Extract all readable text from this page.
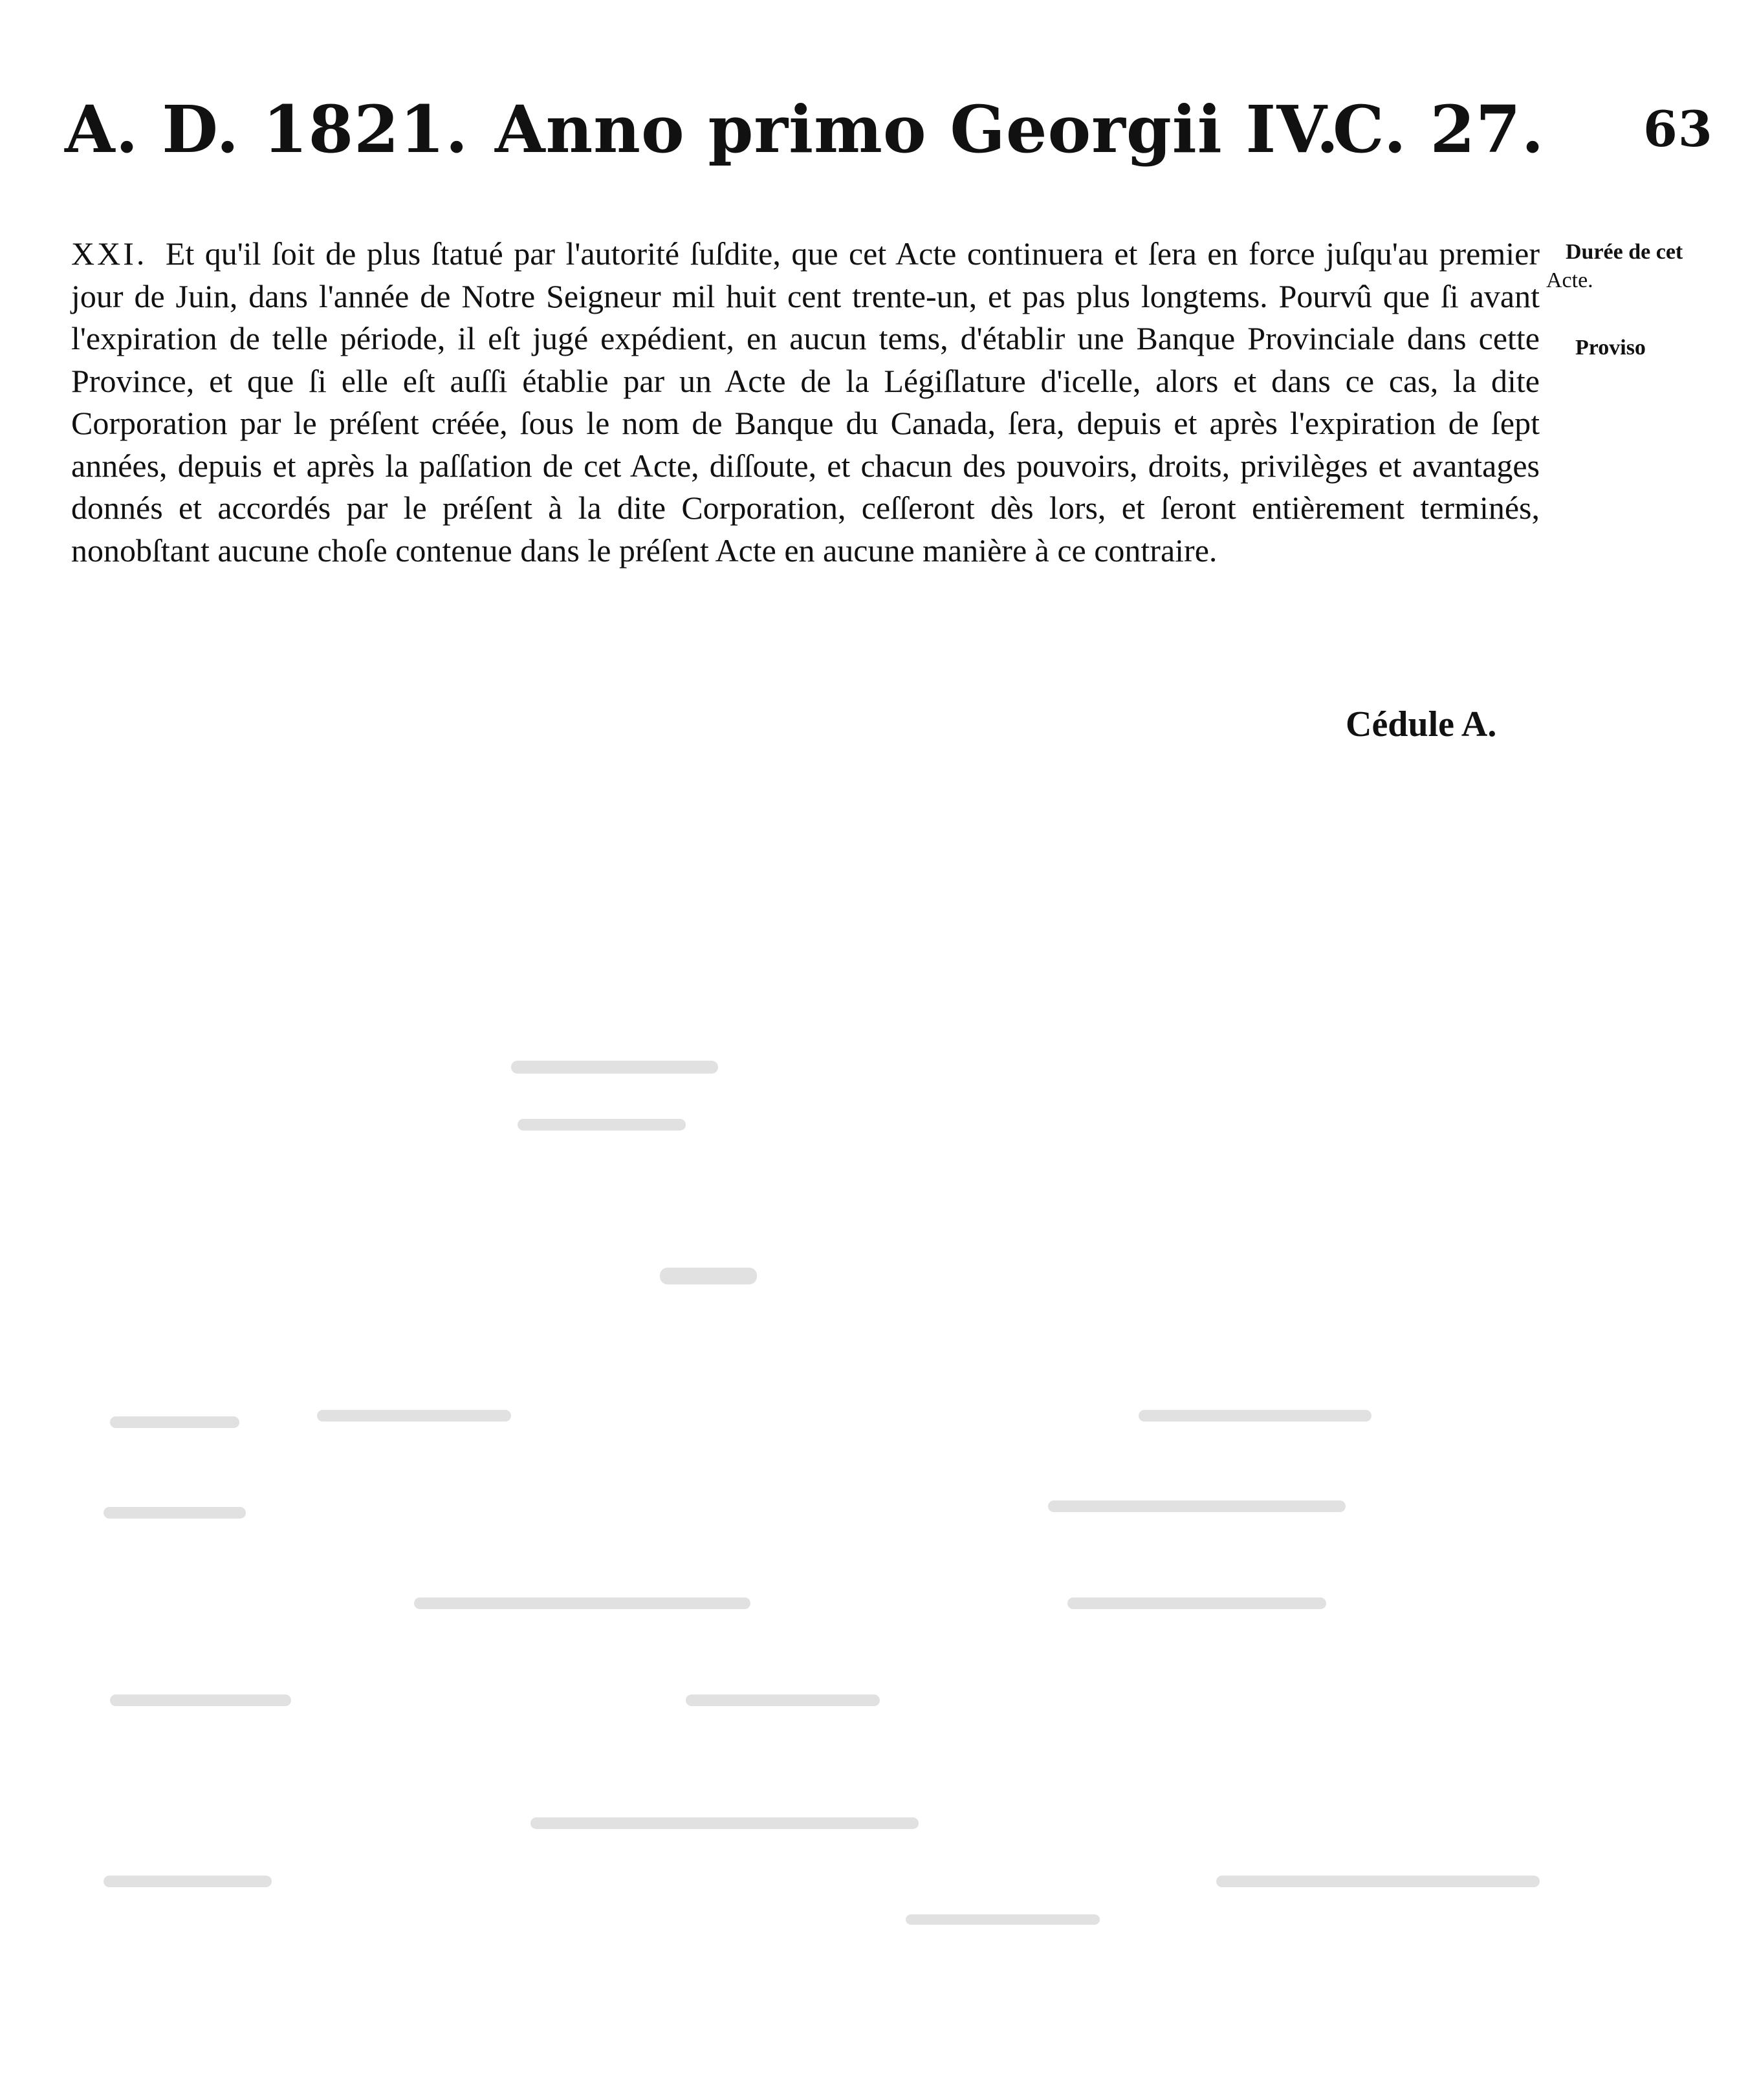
A. D. 1821. Anno primo Georgii IV.
C. 27. 63
XXI. Et qu'il ſoit de plus ſtatué par l'autorité ſuſdite, que cet Acte continuera et ſera en force juſqu'au premier jour de Juin, dans l'année de Notre Seigneur mil huit cent trente-un, et pas plus longtems. Pourvû que ſi avant l'expiration de telle période, il eſt jugé expédient, en aucun tems, d'établir une Banque Provinciale dans cette Province, et que ſi elle eſt auſſi établie par un Acte de la Légiſlature d'icelle, alors et dans ce cas, la dite Corporation par le préſent créée, ſous le nom de Banque du Canada, ſera, depuis et après l'expiration de ſept années, depuis et après la paſſation de cet Acte, diſſoute, et chacun des pouvoirs, droits, privilèges et avantages donnés et accordés par le préſent à la dite Corporation, ceſſeront dès lors, et ſeront entièrement terminés, nonobſtant aucune choſe contenue dans le préſent Acte en aucune manière à ce contraire.
Durée de cet
Acte.
Proviso
Cédule A.
